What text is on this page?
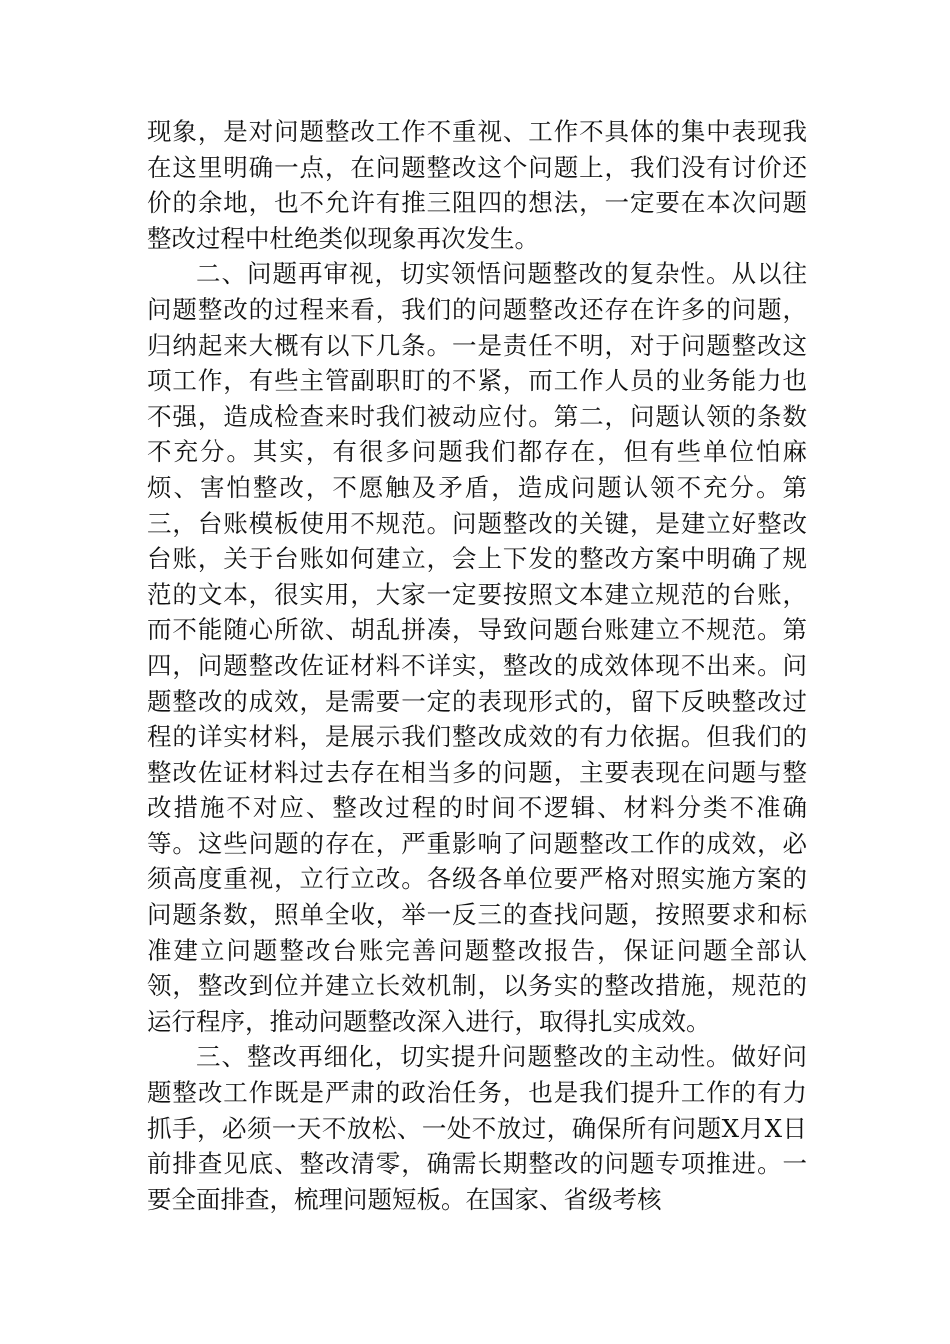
现象，是对问题整改工作不重视、工作不具体的集中表现我在这里明确一点，在问题整改这个问题上，我们没有讨价还价的余地，也不允许有推三阻四的想法，一定要在本次问题整改过程中杜绝类似现象再次发生。

二、问题再审视，切实领悟问题整改的复杂性。从以往问题整改的过程来看，我们的问题整改还存在许多的问题，归纳起来大概有以下几条。一是责任不明，对于问题整改这项工作，有些主管副职盯的不紧，而工作人员的业务能力也不强，造成检查来时我们被动应付。第二，问题认领的条数不充分。其实，有很多问题我们都存在，但有些单位怕麻烦、害怕整改，不愿触及矛盾，造成问题认领不充分。第三，台账模板使用不规范。问题整改的关键，是建立好整改台账，关于台账如何建立，会上下发的整改方案中明确了规范的文本，很实用，大家一定要按照文本建立规范的台账，而不能随心所欲、胡乱拼凑，导致问题台账建立不规范。第四，问题整改佐证材料不详实，整改的成效体现不出来。问题整改的成效，是需要一定的表现形式的，留下反映整改过程的详实材料，是展示我们整改成效的有力依据。但我们的整改佐证材料过去存在相当多的问题，主要表现在问题与整改措施不对应、整改过程的时间不逻辑、材料分类不准确等。这些问题的存在，严重影响了问题整改工作的成效，必须高度重视，立行立改。各级各单位要严格对照实施方案的问题条数，照单全收，举一反三的查找问题，按照要求和标准建立问题整改台账完善问题整改报告，保证问题全部认领，整改到位并建立长效机制，以务实的整改措施，规范的运行程序，推动问题整改深入进行，取得扎实成效。

三、整改再细化，切实提升问题整改的主动性。做好问题整改工作既是严肃的政治任务，也是我们提升工作的有力抓手，必须一天不放松、一处不放过，确保所有问题X月X日前排查见底、整改清零，确需长期整改的问题专项推进。一要全面排查，梳理问题短板。在国家、省级考核
